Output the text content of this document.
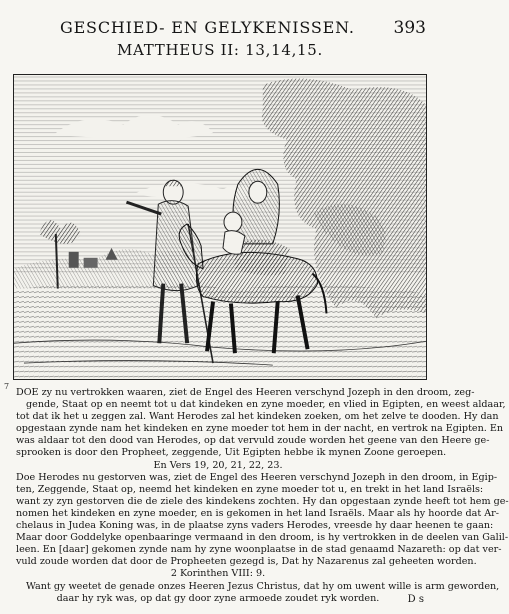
GESCHIED- EN GELYKENISSEN. 393
MATTHEUS II: 13,14,15.
7
DOE zy nu vertrokken waaren, ziet de Engel des Heeren verschynd Jozeph in den droom, zeg-
gende, Staat op en neemt tot u dat kindeken en zyne moeder, en vlied in Egipten, en weest aldaar,
tot dat ik het u zeggen zal. Want Herodes zal het kindeken zoeken, om het zelve te dooden. Hy dan
opgestaan zynde nam het kindeken en zyne moeder tot hem in der nacht, en vertrok na Egipten. En
was aldaar tot den dood van Herodes, op dat vervuld zoude worden het geene van den Heere ge-
sprooken is door den Propheet, zeggende, Uit Egipten hebbe ik mynen Zoone geroepen.
En Vers 19, 20, 21, 22, 23.
Doe Herodes nu gestorven was, ziet de Engel des Heeren verschynd Jozeph in den droom, in Egip-
ten, Zeggende, Staat op, neemd het kindeken en zyne moeder tot u, en trekt in het land Israëls:
want zy zyn gestorven die de ziele des kindekens zochten. Hy dan opgestaan zynde heeft tot hem ge-
nomen het kindeken en zyne moeder, en is gekomen in het land Israëls. Maar als hy hoorde dat Ar-
chelaus in Judea Koning was, in de plaatse zyns vaders Herodes, vreesde hy daar heenen te gaan:
Maar door Goddelyke openbaaringe vermaand in den droom, is hy vertrokken in de deelen van Galil-
leen. En [daar] gekomen zynde nam hy zyne woonplaatse in de stad genaamd Nazareth: op dat ver-
vuld zoude worden dat door de Propheeten gezegd is, Dat hy Nazarenus zal geheeten worden.
2 Korinthen VIII: 9.
Want gy weetet de genade onzes Heeren Jezus Christus, dat hy om uwent wille is arm geworden,
daar hy ryk was, op dat gy door zyne armoede zoudet ryk worden.	D s
